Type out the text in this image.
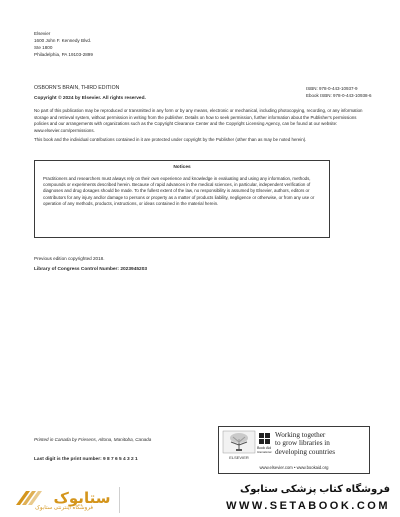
Elsevier
1600 John F. Kennedy Blvd.
Ste 1800
Philadelphia, PA 19103-2899
OSBORN'S BRAIN, THIRD EDITION	ISBN: 978-0-443-10937-9
Ebook ISBN: 978-0-443-10938-6
Copyright © 2024 by Elsevier. All rights reserved.
No part of this publication may be reproduced or transmitted in any form or by any means, electronic or mechanical, including photocopying, recording, or any information storage and retrieval system, without permission in writing from the publisher. Details on how to seek permission, further information about the Publisher's permissions policies and our arrangements with organizations such as the Copyright Clearance Center and the Copyright Licensing Agency, can be found at our website: www.elsevier.com/permissions.
This book and the individual contributions contained in it are protected under copyright by the Publisher (other than as may be noted herein).
Notices
Practitioners and researchers must always rely on their own experience and knowledge in evaluating and using any information, methods, compounds or experiments described herein. Because of rapid advances in the medical sciences, in particular, independent verification of diagnoses and drug dosages should be made. To the fullest extent of the law, no responsibility is assumed by Elsevier, authors, editors or contributors for any injury and/or damage to persons or property as a matter of products liability, negligence or otherwise, or from any use or operation of any methods, products, instructions, or ideas contained in the material herein.
Previous edition copyrighted 2018.
Library of Congress Control Number: 2023945203
Printed in Canada by Friesens, Altona, Manitoba, Canada
Last digit is the print number: 9 8 7 6 5 4 3 2 1	ELSEVIER
Book Aid
International
Working together
to grow libraries in
developing countries
www.elsevier.com • www.bookaid.org
ستابوک
فروشگاه اینترنتی ستابوک
فروشگاه کتاب پزشکی ستابوک
WWW.SETABOOK.COM
